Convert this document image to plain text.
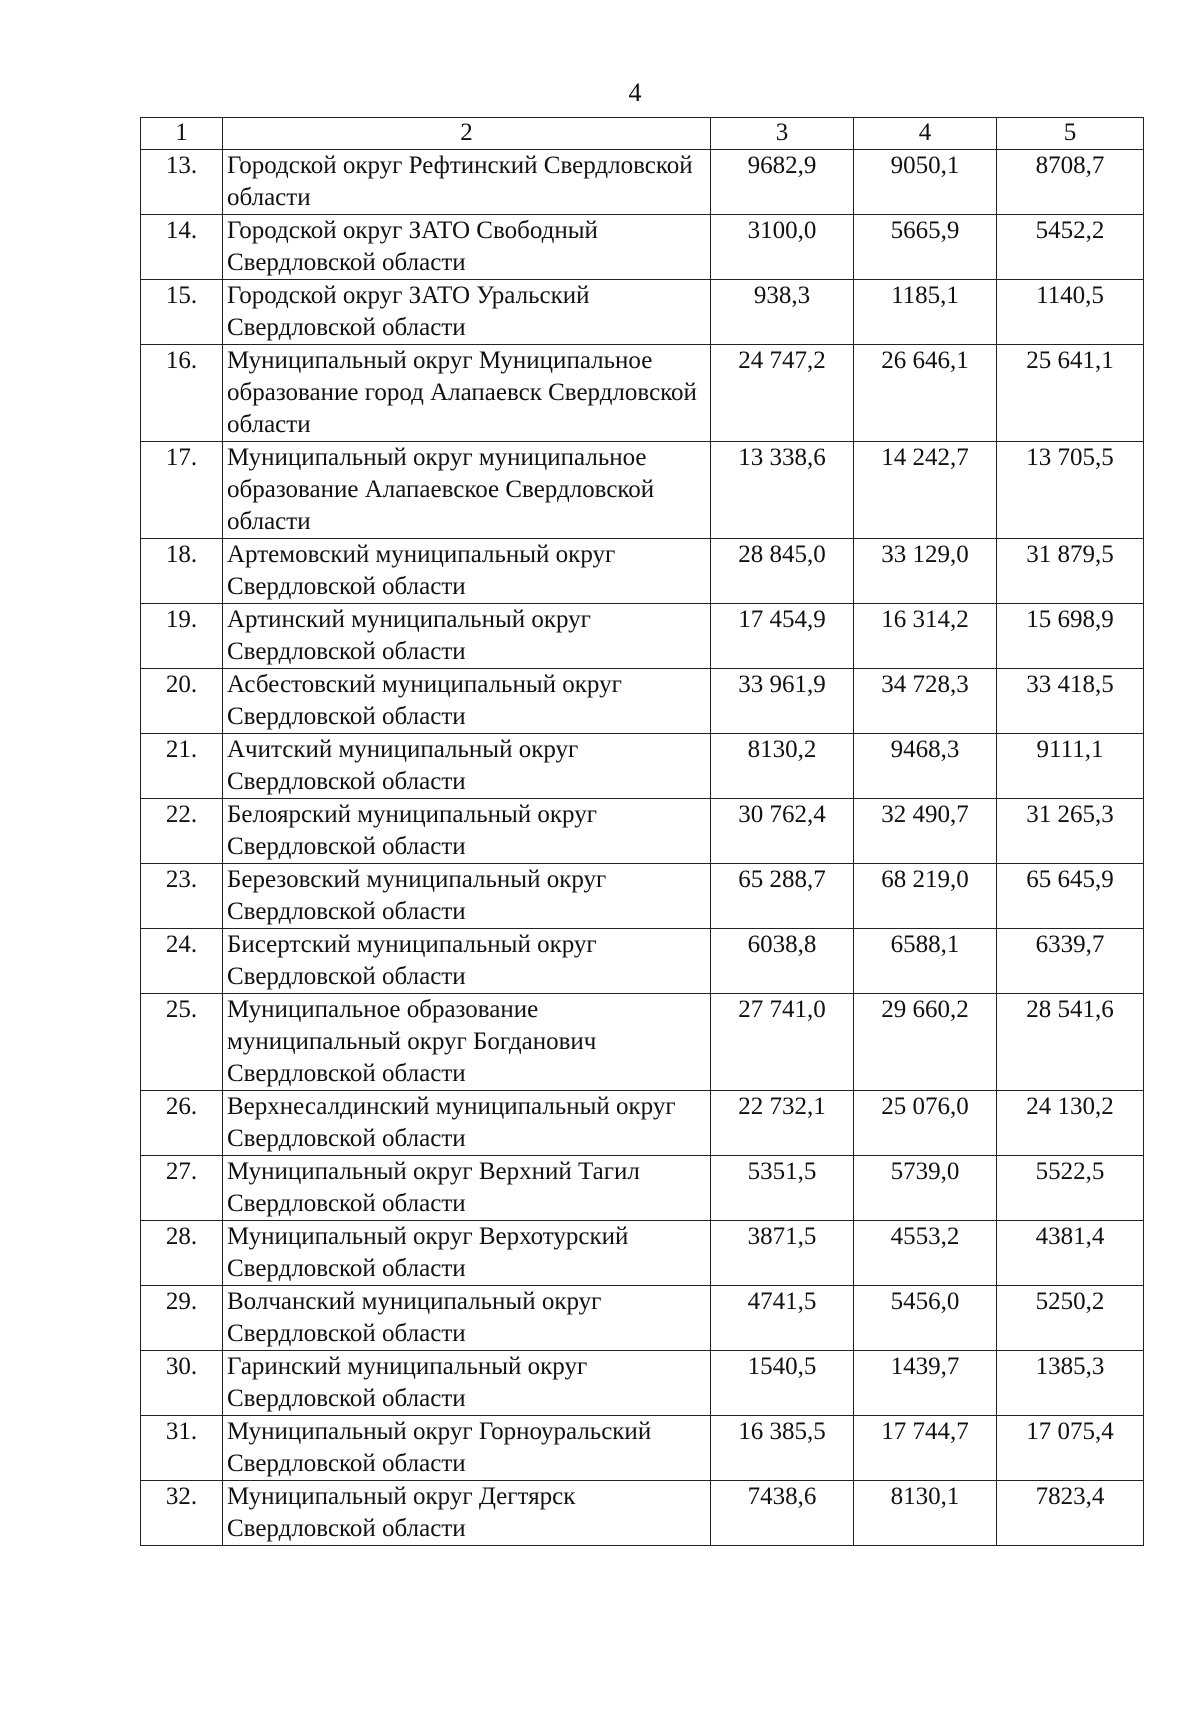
4
1	2	3	4	5
13.	Городской округ Рефтинский Свердловской области	9682,9	9050,1	8708,7
14.	Городской округ ЗАТО Свободный Свердловской области	3100,0	5665,9	5452,2
15.	Городской округ ЗАТО Уральский Свердловской области	938,3	1185,1	1140,5
16.	Муниципальный округ Муниципальное образование город Алапаевск Свердловской области	24 747,2	26 646,1	25 641,1
17.	Муниципальный округ муниципальное образование Алапаевское Свердловской области	13 338,6	14 242,7	13 705,5
18.	Артемовский муниципальный округ Свердловской области	28 845,0	33 129,0	31 879,5
19.	Артинский муниципальный округ Свердловской области	17 454,9	16 314,2	15 698,9
20.	Асбестовский муниципальный округ Свердловской области	33 961,9	34 728,3	33 418,5
21.	Ачитский муниципальный округ Свердловской области	8130,2	9468,3	9111,1
22.	Белоярский муниципальный округ Свердловской области	30 762,4	32 490,7	31 265,3
23.	Березовский муниципальный округ Свердловской области	65 288,7	68 219,0	65 645,9
24.	Бисертский муниципальный округ Свердловской области	6038,8	6588,1	6339,7
25.	Муниципальное образование муниципальный округ Богданович Свердловской области	27 741,0	29 660,2	28 541,6
26.	Верхнесалдинский муниципальный округ Свердловской области	22 732,1	25 076,0	24 130,2
27.	Муниципальный округ Верхний Тагил Свердловской области	5351,5	5739,0	5522,5
28.	Муниципальный округ Верхотурский Свердловской области	3871,5	4553,2	4381,4
29.	Волчанский муниципальный округ Свердловской области	4741,5	5456,0	5250,2
30.	Гаринский муниципальный округ Свердловской области	1540,5	1439,7	1385,3
31.	Муниципальный округ Горноуральский Свердловской области	16 385,5	17 744,7	17 075,4
32.	Муниципальный округ Дегтярск Свердловской области	7438,6	8130,1	7823,4
